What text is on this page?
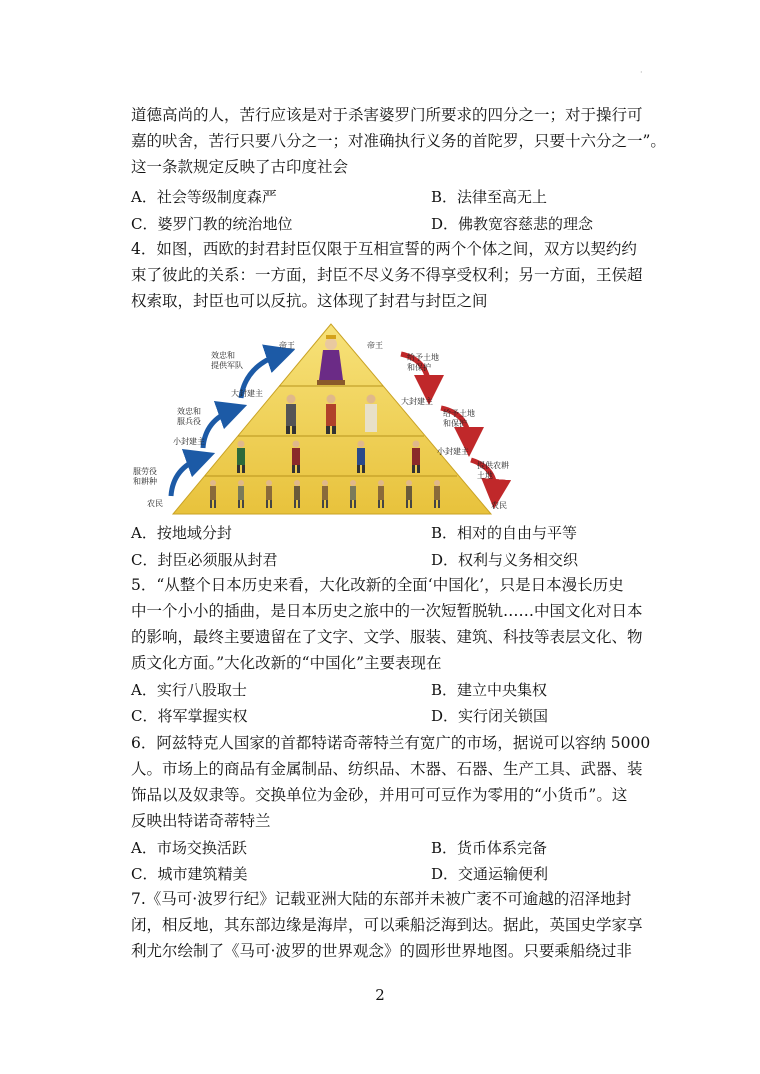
·
道德高尚的人，苦行应该是对于杀害婆罗门所要求的四分之一；对于操行可
嘉的吠舍，苦行只要八分之一；对准确执行义务的首陀罗，只要十六分之一”。
这一条款规定反映了古印度社会
A．社会等级制度森严	B．法律至高无上
C．婆罗门教的统治地位	D．佛教宽容慈悲的理念
4．如图，西欧的封君封臣仅限于互相宣誓的两个个体之间，双方以契约约
束了彼此的关系：一方面，封臣不尽义务不得享受权利；另一方面，王侯超
权索取，封臣也可以反抗。这体现了封君与封臣之间
帝王	帝王
大封建主
大封建主
小封建主
小封建主
农民	农民
效忠和
提供军队
效忠和
服兵役
服劳役
和耕种
给予土地
和保护
给予土地
和保护
提供农耕
土地
A．按地域分封	B．相对的自由与平等
C．封臣必须服从封君	D．权利与义务相交织
5．“从整个日本历史来看，大化改新的全面‘中国化’，只是日本漫长历史
中一个小小的插曲，是日本历史之旅中的一次短暂脱轨……中国文化对日本
的影响，最终主要遗留在了文字、文学、服装、建筑、科技等表层文化、物
质文化方面。”大化改新的“中国化”主要表现在
A．实行八股取士	B．建立中央集权
C．将军掌握实权	D．实行闭关锁国
6．阿兹特克人国家的首都特诺奇蒂特兰有宽广的市场，据说可以容纳 5000
人。市场上的商品有金属制品、纺织品、木器、石器、生产工具、武器、装
饰品以及奴隶等。交换单位为金砂，并用可可豆作为零用的“小货币”。这
反映出特诺奇蒂特兰
A．市场交换活跃	B．货币体系完备
C．城市建筑精美	D．交通运输便利
7.《马可·波罗行纪》记载亚洲大陆的东部并未被广袤不可逾越的沼泽地封
闭，相反地，其东部边缘是海岸，可以乘船泛海到达。据此，英国史学家享
利尤尔绘制了《马可·波罗的世界观念》的圆形世界地图。只要乘船绕过非
2
